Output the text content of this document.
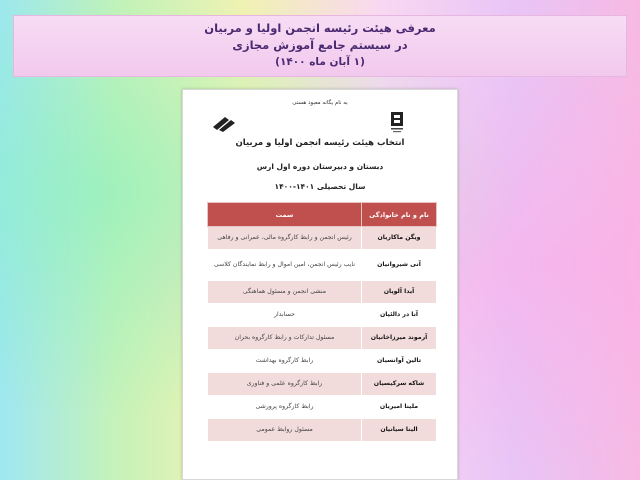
معرفی هیئت رئیسه انجمن اولیا و مربیان
در سیستم جامع آموزش مجازی
(۱ آبان ماه ۱۴۰۰)
به نام یگانه معبود هستی
انتخاب هیئت رئیسه انجمن اولیا و مربیان
دبستان و دبیرستان دوره اول ارس
سال تحصیلی ۱۴۰۱-۱۴۰۰
نام و نام خانوادگی	سمت
ویگن ماکاریان	رئیس انجمن و رابط کارگروه مالی، عمرانی و رفاهی
آنی شیروانیان	نایب رئیس انجمن، امین اموال و رابط نمایندگان کلاسی
آیدا آلویان	منشی انجمن و مسئول هماهنگی
آنا در دالئیان	حسابدار
آرموند میرزاخانیان	مسئول تدارکات و رابط کارگروه بحران
تالین آوانسیان	رابط کارگروه بهداشت
شاکه سرکیسیان	رابط کارگروه علمی و فناوری
ملینا امیریان	رابط کارگروه پرورشی
الینا سیانیان	مسئول روابط عمومی
